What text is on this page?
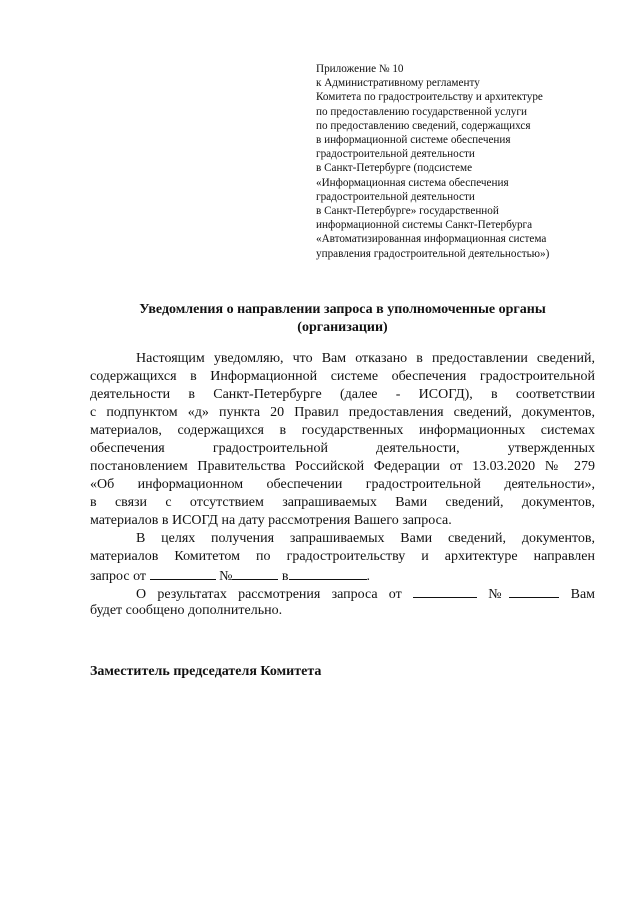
Приложение № 10
к Административному регламенту
Комитета по градостроительству и архитектуре
по предоставлению государственной услуги
по предоставлению сведений, содержащихся
в информационной системе обеспечения
градостроительной деятельности
в Санкт-Петербурге (подсистеме
«Информационная система обеспечения
градостроительной деятельности
в Санкт-Петербурге» государственной
информационной системы Санкт-Петербурга
«Автоматизированная информационная система
управления градостроительной деятельностью»)
Уведомления о направлении запроса в уполномоченные органы
(организации)
Настоящим уведомляю, что Вам отказано в предоставлении сведений,
содержащихся в Информационной системе обеспечения градостроительной
деятельности в Санкт-Петербурге (далее - ИСОГД), в соответствии
с подпунктом «д» пункта 20 Правил предоставления сведений, документов,
материалов, содержащихся в государственных информационных системах
обеспечения градостроительной деятельности, утвержденных
постановлением Правительства Российской Федерации от 13.03.2020 № 279
«Об информационном обеспечении градостроительной деятельности»,
в связи с отсутствием запрашиваемых Вами сведений, документов,
материалов в ИСОГД на дату рассмотрения Вашего запроса.
В целях получения запрашиваемых Вами сведений, документов,
материалов Комитетом по градостроительству и архитектуре направлен
запрос от	№	в	.
О результатах рассмотрения запроса от	№	Вам
будет сообщено дополнительно.
Заместитель председателя Комитета
